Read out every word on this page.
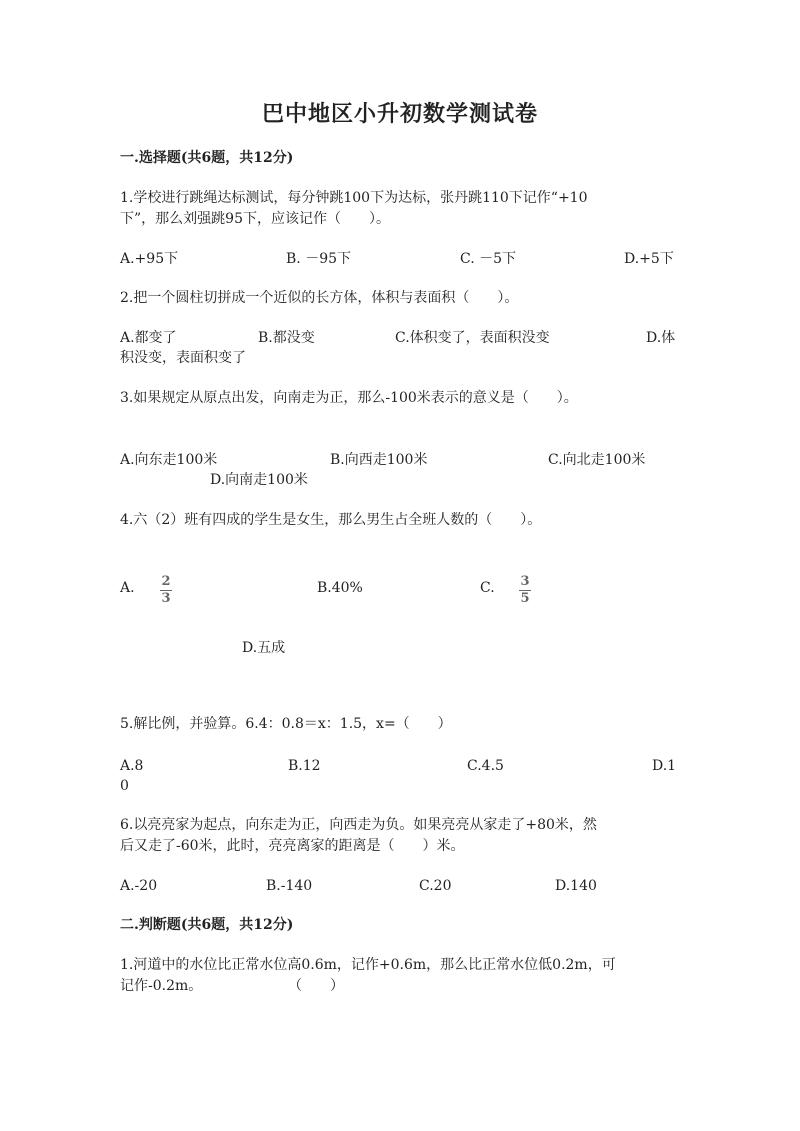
巴中地区小升初数学测试卷
一.选择题(共6题，共12分)
1.学校进行跳绳达标测试，每分钟跳100下为达标，张丹跳110下记作“+10
下”，那么刘强跳95下，应该记作（　　）。
A.+95下	B. －95下	C. －5下	D.+5下
2.把一个圆柱切拼成一个近似的长方体，体积与表面积（　　）。
A.都变了	B.都没变	C.体积变了，表面积没变	D.体
积没变，表面积变了
3.如果规定从原点出发，向南走为正，那么-100米表示的意义是（　　）。
A.向东走100米	B.向西走100米	C.向北走100米
D.向南走100米
4.六（2）班有四成的学生是女生，那么男生占全班人数的（　　）。
A. $\frac{2}{3}$	B.40%	C. $\frac{3}{5}$
D.五成
5.解比例，并验算。6.4：0.8＝x：1.5，x=（　　）
A.8	B.12	C.4.5	D.1
0
6.以亮亮家为起点，向东走为正，向西走为负。如果亮亮从家走了+80米，然
后又走了-60米，此时，亮亮离家的距离是（　　）米。
A.-20	B.-140	C.20	D.140
二.判断题(共6题，共12分)
1.河道中的水位比正常水位高0.6m，记作+0.6m，那么比正常水位低0.2m，可
记作-0.2m。	（　　）
